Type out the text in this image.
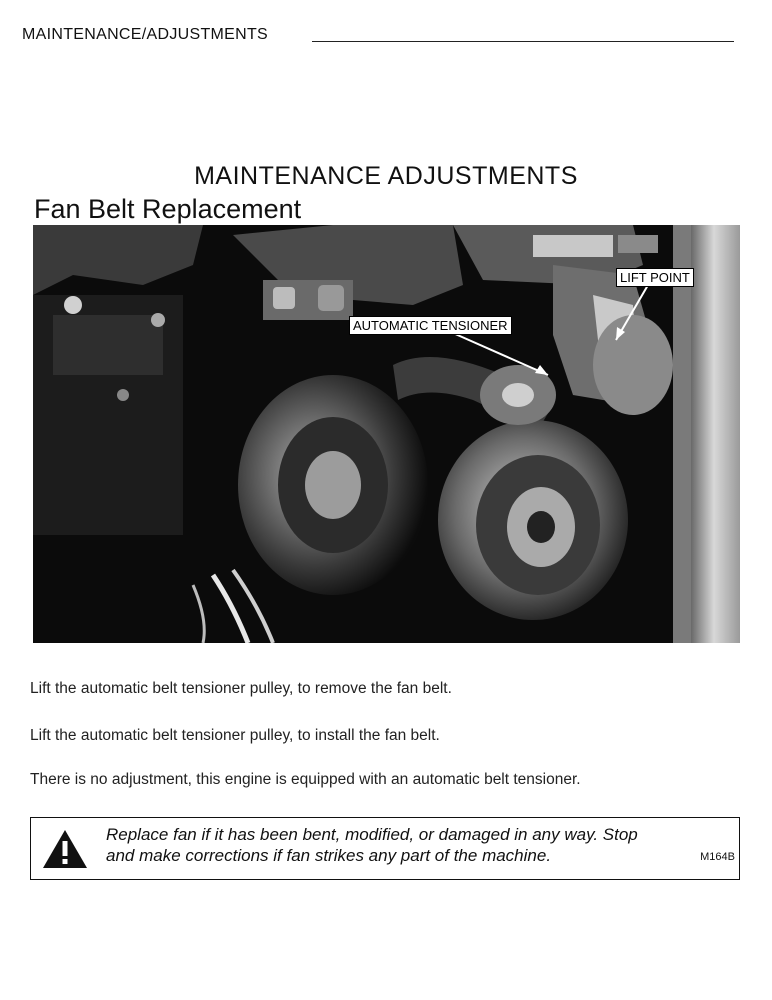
MAINTENANCE/ADJUSTMENTS
MAINTENANCE ADJUSTMENTS
Fan Belt Replacement
AUTOMATIC TENSIONER
LIFT POINT
Lift the automatic belt tensioner pulley, to remove the fan belt.
Lift the automatic belt tensioner pulley, to install the fan belt.
There is no adjustment, this engine is equipped with an automatic belt tensioner.
Replace fan if it has been bent, modified, or damaged in any way. Stop
and make corrections if fan strikes any part of the machine.	M164B
